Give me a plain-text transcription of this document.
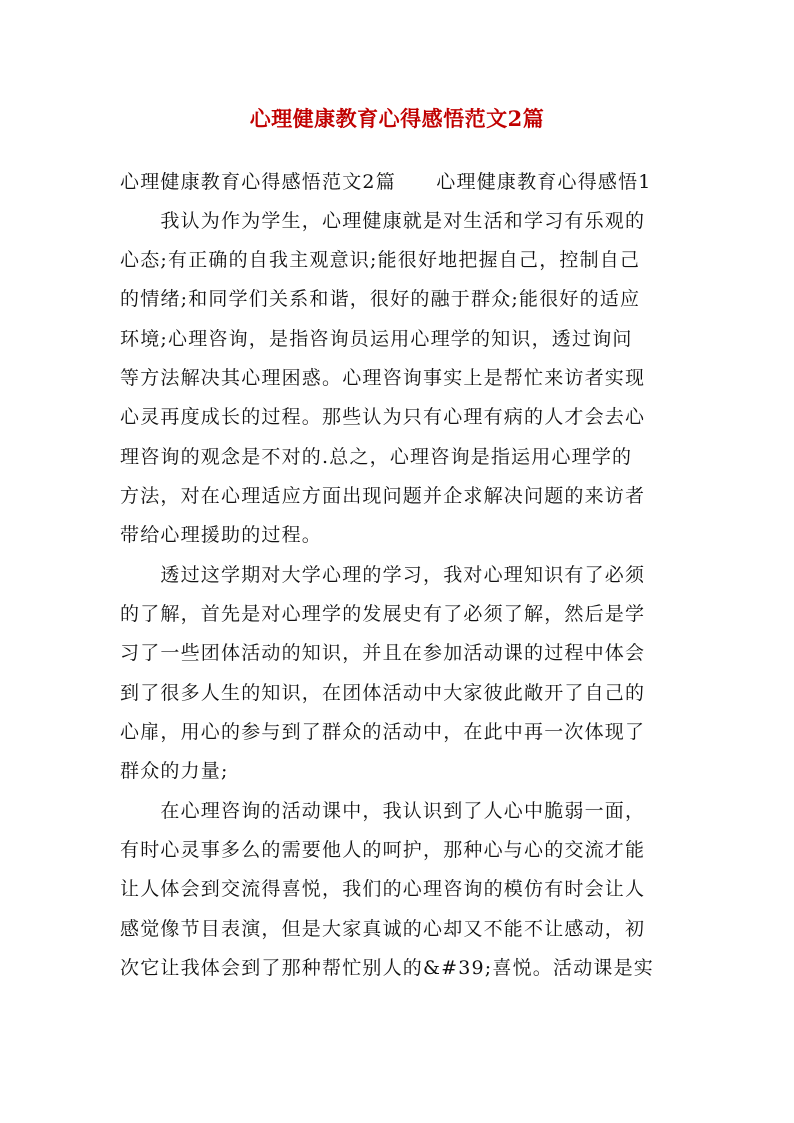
心理健康教育心得感悟范文2篇
心理健康教育心得感悟范文2篇　　心理健康教育心得感悟1
　　我认为作为学生，心理健康就是对生活和学习有乐观的
心态;有正确的自我主观意识;能很好地把握自己，控制自己
的情绪;和同学们关系和谐，很好的融于群众;能很好的适应
环境;心理咨询，是指咨询员运用心理学的知识，透过询问
等方法解决其心理困惑。心理咨询事实上是帮忙来访者实现
心灵再度成长的过程。那些认为只有心理有病的人才会去心
理咨询的观念是不对的.总之，心理咨询是指运用心理学的
方法，对在心理适应方面出现问题并企求解决问题的来访者
带给心理援助的过程。
　　透过这学期对大学心理的学习，我对心理知识有了必须
的了解，首先是对心理学的发展史有了必须了解，然后是学
习了一些团体活动的知识，并且在参加活动课的过程中体会
到了很多人生的知识，在团体活动中大家彼此敞开了自己的
心扉，用心的参与到了群众的活动中，在此中再一次体现了
群众的力量;
　　在心理咨询的活动课中，我认识到了人心中脆弱一面，
有时心灵事多么的需要他人的呵护，那种心与心的交流才能
让人体会到交流得喜悦，我们的心理咨询的模仿有时会让人
感觉像节目表演，但是大家真诚的心却又不能不让感动，初
次它让我体会到了那种帮忙别人的&#39;喜悦。活动课是实
